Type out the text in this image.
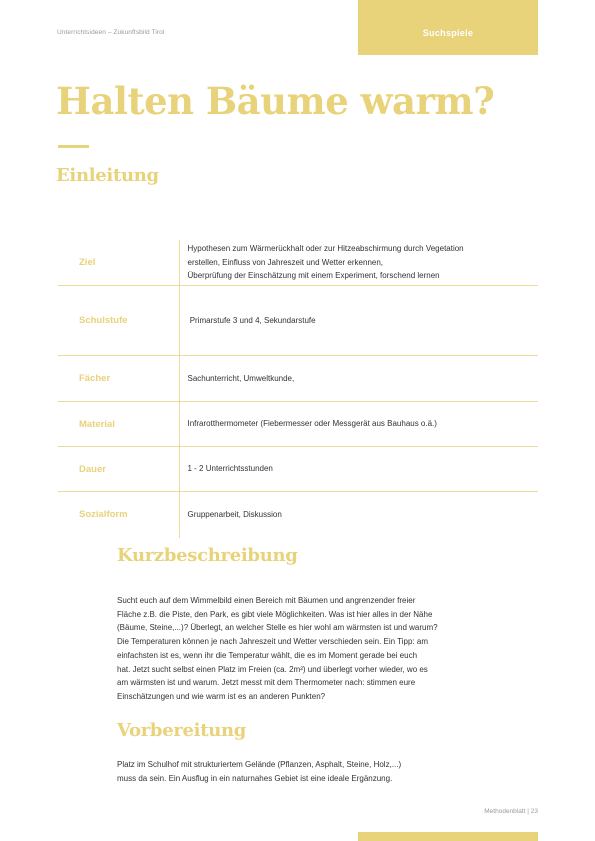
Unterrichtsideen – Zukunftsbild Tirol	Suchspiele
Halten Bäume warm?
Einleitung
Ziel	Hypothesen zum Wärmerückhalt oder zur Hitzeabschirmung durch Vegetation
erstellen, Einfluss von Jahreszeit und Wetter erkennen,
Überprüfung der Einschätzung mit einem Experiment, forschend lernen

Schulstufe	Primarstufe 3 und 4, Sekundarstufe

Fächer	Sachunterricht, Umweltkunde,

Material	Infrarotthermometer (Fiebermesser oder Messgerät aus Bauhaus o.ä.)

Dauer	1 - 2 Unterrichtsstunden

Sozialform	Gruppenarbeit, Diskussion
Kurzbeschreibung

Sucht euch auf dem Wimmelbild einen Bereich mit Bäumen und angrenzender freier
Fläche z.B. die Piste, den Park, es gibt viele Möglichkeiten. Was ist hier alles in der Nähe
(Bäume, Steine,...)? Überlegt, an welcher Stelle es hier wohl am wärmsten ist und warum?
Die Temperaturen können je nach Jahreszeit und Wetter verschieden sein. Ein Tipp: am
einfachsten ist es, wenn ihr die Temperatur wählt, die es im Moment gerade bei euch
hat. Jetzt sucht selbst einen Platz im Freien (ca. 2m²) und überlegt vorher wieder, wo es
am wärmsten ist und warum. Jetzt messt mit dem Thermometer nach: stimmen eure
Einschätzungen und wie warm ist es an anderen Punkten?

Vorbereitung

Platz im Schulhof mit strukturiertem Gelände (Pflanzen, Asphalt, Steine, Holz,...)
muss da sein. Ein Ausflug in ein naturnahes Gebiet ist eine ideale Ergänzung.

Methodenblatt | 23
